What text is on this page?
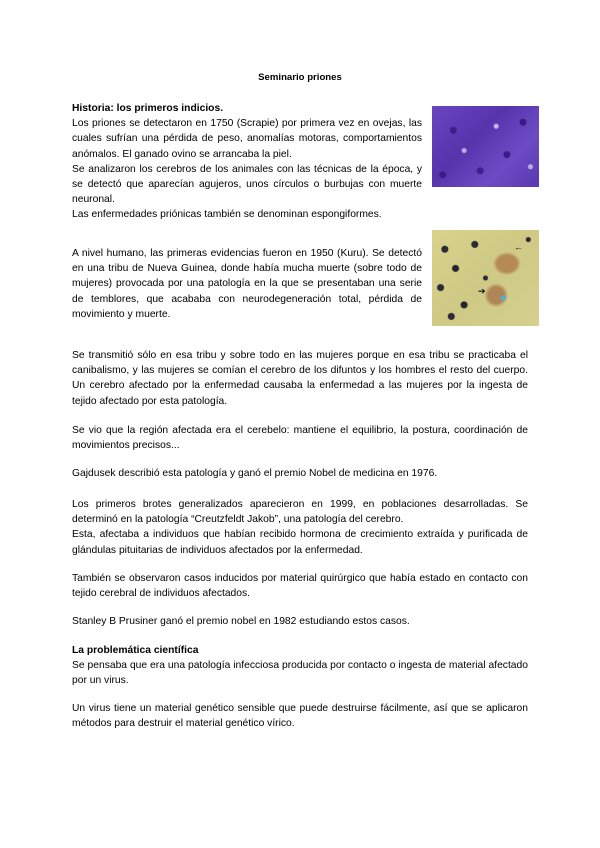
Seminario priones

Historia: los primeros indicios.

Los priones se detectaron en 1750 (Scrapie) por primera vez en ovejas, las cuales sufrían una pérdida de peso, anomalías motoras, comportamientos anómalos. El ganado ovino se arrancaba la piel.

Se analizaron los cerebros de los animales con las técnicas de la época, y se detectó que aparecían agujeros, unos círculos o burbujas con muerte neuronal.

Las enfermedades priónicas también se denominan espongiformes.

A nivel humano, las primeras evidencias fueron en 1950 (Kuru). Se detectó en una tribu de Nueva Guinea, donde había mucha muerte (sobre todo de mujeres) provocada por una patología en la que se presentaban una serie de temblores, que acababa con neurodegeneración total, pérdida de movimiento y muerte.

➔
←
✱

Se transmitió sólo en esa tribu y sobre todo en las mujeres porque en esa tribu se practicaba el canibalismo, y las mujeres se comían el cerebro de los difuntos y los hombres el resto del cuerpo. Un cerebro afectado por la enfermedad causaba la enfermedad a las mujeres por la ingesta de tejido afectado por esta patología.

Se vio que la región afectada era el cerebelo: mantiene el equilibrio, la postura, coordinación de movimientos precisos...

Gajdusek describió esta patología y ganó el premio Nobel de medicina en 1976.

Los primeros brotes generalizados aparecieron en 1999, en poblaciones desarrolladas. Se determinó en la patología “Creutzfeldt Jakob”, una patología del cerebro.

Esta, afectaba a individuos que habían recibido hormona de crecimiento extraída y purificada de glándulas pituitarias de individuos afectados por la enfermedad.

También se observaron casos inducidos por material quirúrgico que había estado en contacto con tejido cerebral de individuos afectados.

Stanley B Prusiner ganó el premio nobel en 1982 estudiando estos casos.

La problemática científica

Se pensaba que era una patología infecciosa producida por contacto o ingesta de material afectado por un virus.

Un virus tiene un material genético sensible que puede destruirse fácilmente, así que se aplicaron métodos para destruir el material genético vírico.
